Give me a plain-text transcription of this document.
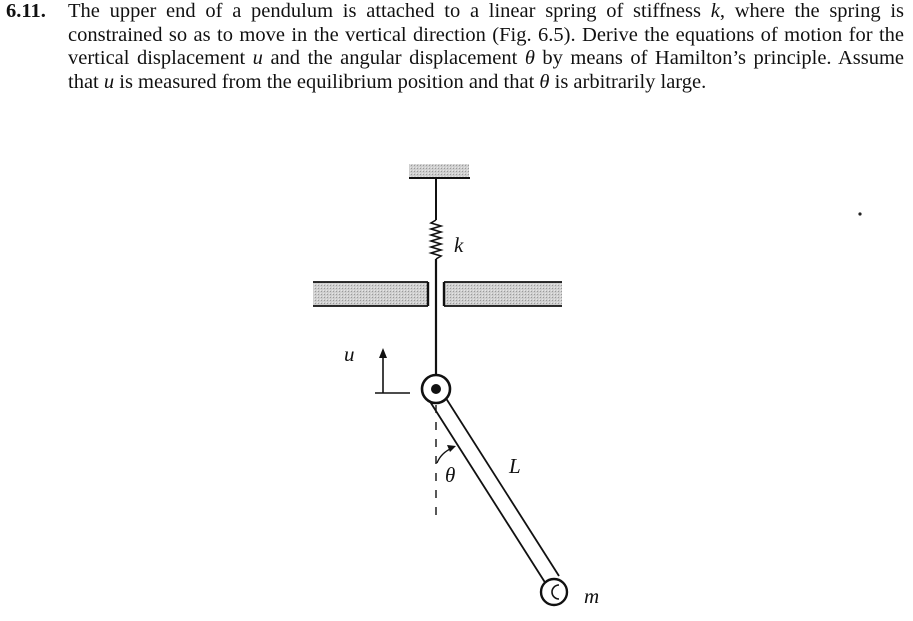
6.11. The upper end of a pendulum is attached to a linear spring of stiffness k, where the spring is constrained so as to move in the vertical direction (Fig. 6.5). Derive the equations of motion for the vertical displacement u and the angular displacement θ by means of Hamilton’s principle. Assume that u is measured from the equilibrium position and that θ is arbitrarily large.
k
u
θ	L
m
